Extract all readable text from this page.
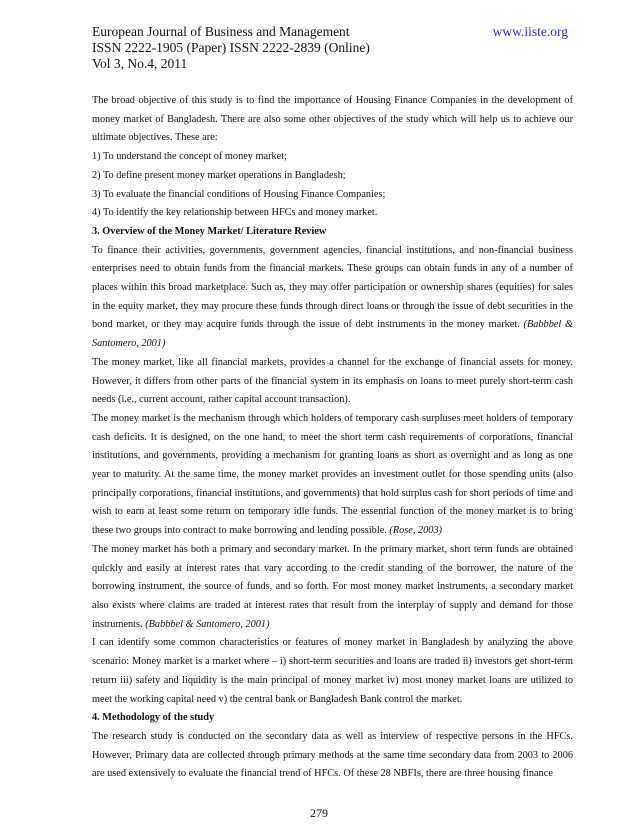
European Journal of Business and Management	www.iiste.org
ISSN 2222-1905 (Paper) ISSN 2222-2839 (Online)
Vol 3, No.4, 2011

The broad objective of this study is to find the importance of Housing Finance Companies in the development of money market of Bangladesh. There are also some other objectives of the study which will help us to achieve our ultimate objectives. These are:

1) To understand the concept of money market;

2) To define present money market operations in Bangladesh;

3) To evaluate the financial conditions of Housing Finance Companies;

4) To identify the key relationship between HFCs and money market.

3. Overview of the Money Market/ Literature Review

To finance their activities, governments, government agencies, financial institutions, and non-financial business enterprises need to obtain funds from the financial markets. These groups can obtain funds in any of a number of places within this broad marketplace. Such as, they may offer participation or ownership shares (equities) for sales in the equity market, they may procure these funds through direct loans or through the issue of debt securities in the bond market, or they may acquire funds through the issue of debt instruments in the money market. (Babbbel & Santomero, 2001)

The money market, like all financial markets, provides a channel for the exchange of financial assets for money. However, it differs from other parts of the financial system in its emphasis on loans to meet purely short-term cash needs (i.e., current account, rather capital account transaction).

The money market is the mechanism through which holders of temporary cash surpluses meet holders of temporary cash deficits. It is designed, on the one hand, to meet the short term cash requirements of corporations, financial institutions, and governments, providing a mechanism for granting loans as short as overnight and as long as one year to maturity. At the same time, the money market provides an investment outlet for those spending units (also principally corporations, financial institutions, and governments) that hold surplus cash for short periods of time and wish to earn at least some return on temporary idle funds. The essential function of the money market is to bring these two groups into contract to make borrowing and lending possible. (Rose, 2003)

The money market has both a primary and secondary market. In the primary market, short term funds are obtained quickly and easily at interest rates that vary according to the credit standing of the borrower, the nature of the borrowing instrument, the source of funds, and so forth. For most money market instruments, a secondary market also exists where claims are traded at interest rates that result from the interplay of supply and demand for those instruments. (Babbbel & Santomero, 2001)

I can identify some common characteristics or features of money market in Bangladesh by analyzing the above scenario: Money market is a market where – i) short-term securities and loans are traded ii) investors get short-term return iii) safety and liquidity is the main principal of money market iv) most money market loans are utilized to meet the working capital need v) the central bank or Bangladesh Bank control the market.

4. Methodology of the study

The research study is conducted on the secondary data as well as interview of respective persons in the HFCs. However, Primary data are collected through primary methods at the same time secondary data from 2003 to 2006 are used extensively to evaluate the financial trend of HFCs. Of these 28 NBFIs, there are three housing finance

279
